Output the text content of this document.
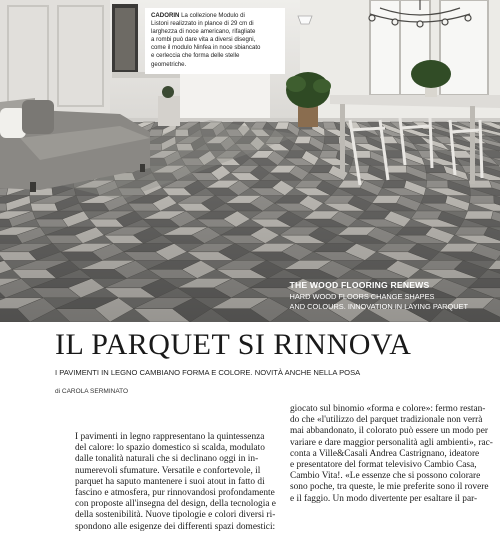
CADORIN La collezione Modulo di
Listoni realizzato in plance di 29 cm di
larghezza di noce americano, rifagliate
a rombi può dare vita a diversi disegni,
come il modulo Ninfea in noce sbiancato
e cerleccia che forma delle stelle
geometriche.
THE WOOD FLOORING RENEWS
HARD WOOD FLOORS CHANGE SHAPES
AND COLOURS. INNOVATION IN LAYING PARQUET
IL PARQUET SI RINNOVA
I PAVIMENTI IN LEGNO CAMBIANO FORMA E COLORE. NOVITÀ ANCHE NELLA POSA
di CAROLA SERMINATO
I pavimenti in legno rappresentano la quintessenza
del calore: lo spazio domestico si scalda, modulato
dalle tonalità naturali che si declinano oggi in in-
numerevoli sfumature. Versatile e confortevole, il
parquet ha saputo mantenere i suoi atout in fatto di
fascino e atmosfera, pur rinnovandosi profondamente
con proposte all'insegna del design, della tecnologia e
della sostenibilità. Nuove tipologie e colori diversi ri-
spondono alle esigenze dei differenti spazi domestici:
giocato sul binomio «forma e colore»: fermo restan-
do che «l'utilizzo del parquet tradizionale non verrà
mai abbandonato, il colorato può essere un modo per
variare e dare maggior personalità agli ambienti», rac-
conta a Ville&Casali Andrea Castrignano, ideatore
e presentatore del format televisivo Cambio Casa,
Cambio Vita!. «Le essenze che si possono colorare
sono poche, tra queste, le mie preferite sono il rovere
e il faggio. Un modo divertente per esaltare il par-
